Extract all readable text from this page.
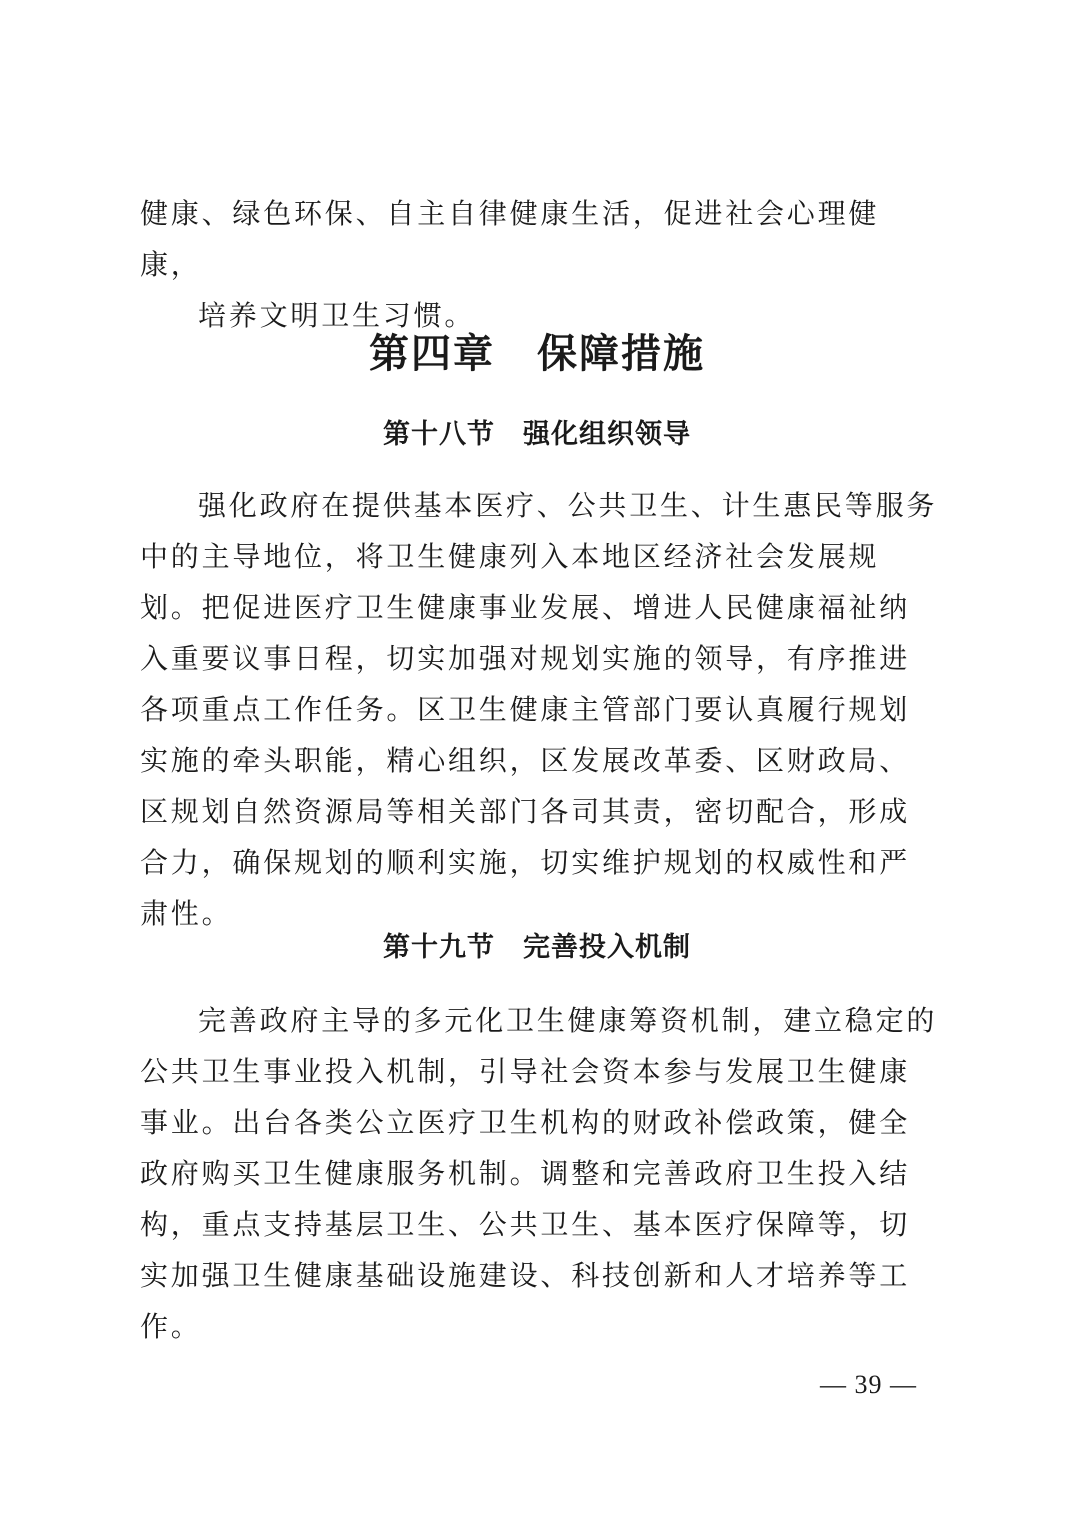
健康、绿色环保、自主自律健康生活，促进社会心理健康，

培养文明卫生习惯。

第四章　保障措施
第十八节　强化组织领导

强化政府在提供基本医疗、公共卫生、计生惠民等服务中的主导地位，将卫生健康列入本地区经济社会发展规划。把促进医疗卫生健康事业发展、增进人民健康福祉纳入重要议事日程，切实加强对规划实施的领导，有序推进各项重点工作任务。区卫生健康主管部门要认真履行规划实施的牵头职能，精心组织，区发展改革委、区财政局、区规划自然资源局等相关部门各司其责，密切配合，形成合力，确保规划的顺利实施，切实维护规划的权威性和严肃性。

第十九节　完善投入机制

完善政府主导的多元化卫生健康筹资机制，建立稳定的公共卫生事业投入机制，引导社会资本参与发展卫生健康事业。出台各类公立医疗卫生机构的财政补偿政策，健全政府购买卫生健康服务机制。调整和完善政府卫生投入结构，重点支持基层卫生、公共卫生、基本医疗保障等，切实加强卫生健康基础设施建设、科技创新和人才培养等工作。

— 39 —
